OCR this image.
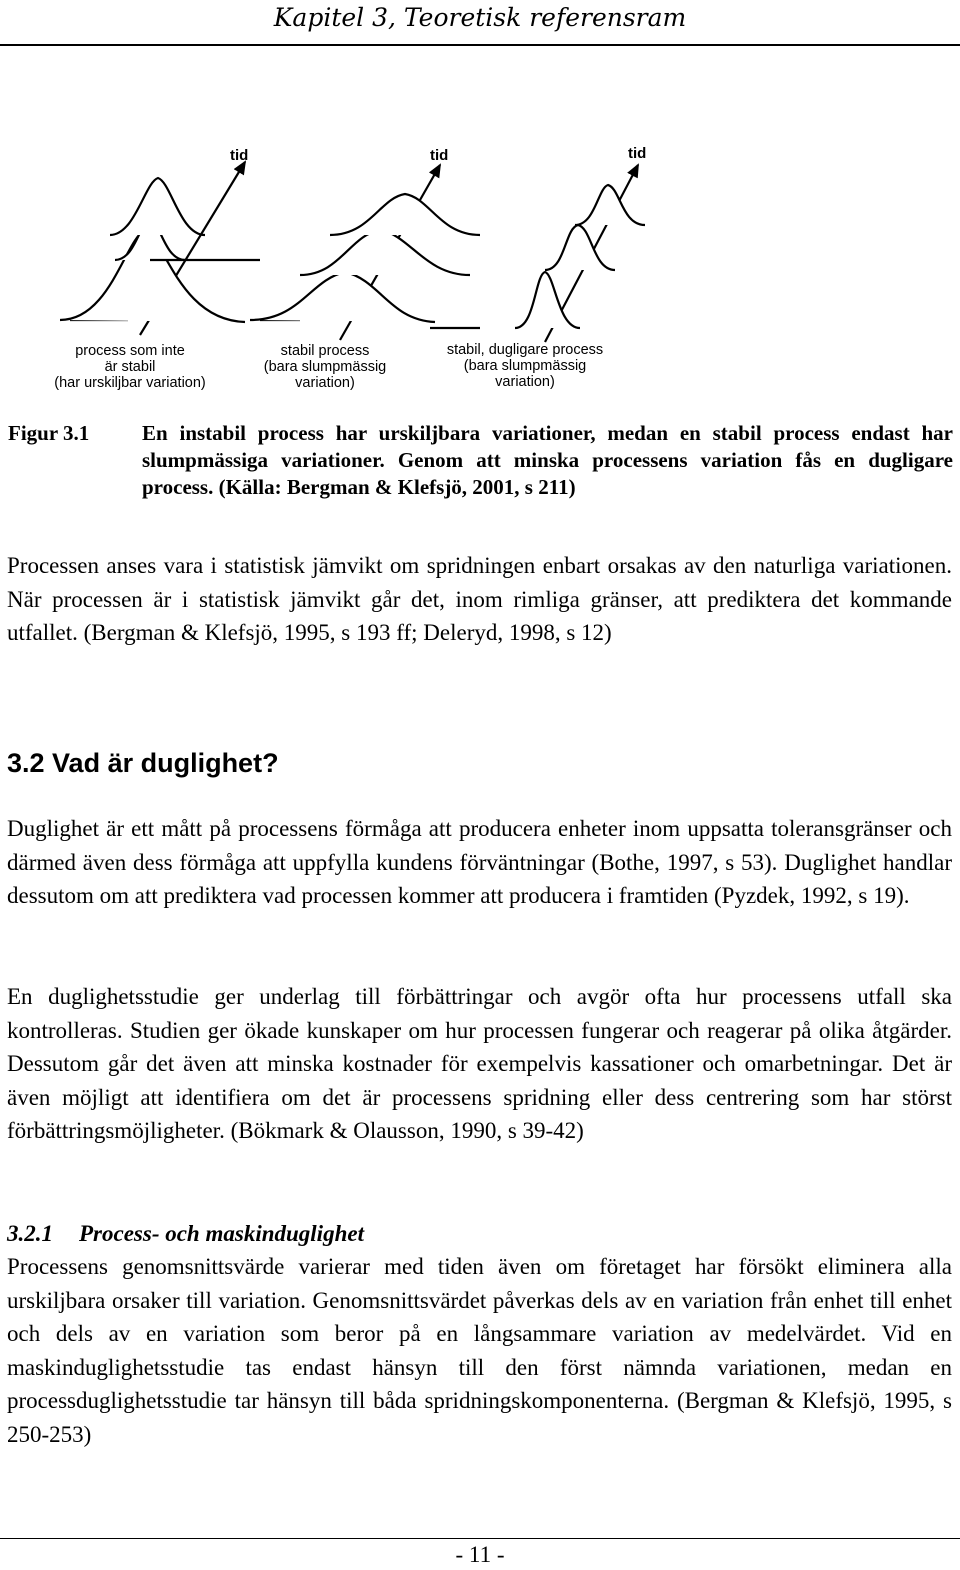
Kapitel 3, Teoretisk referensram
tid	tid	tid
process som inte
är stabil
(har urskiljbar variation)
stabil process
(bara slumpmässig
variation)
stabil, dugligare process
(bara slumpmässig
variation)
Figur 3.1	En instabil process har urskiljbara variationer, medan en stabil process endast har slumpmässiga variationer. Genom att minska processens variation fås en dugligare process. (Källa: Bergman & Klefsjö, 2001, s 211)
Processen anses vara i statistisk jämvikt om spridningen enbart orsakas av den naturliga variationen. När processen är i statistisk jämvikt går det, inom rimliga gränser, att prediktera det kommande utfallet. (Bergman & Klefsjö, 1995, s 193 ff; Deleryd, 1998, s 12)
3.2 Vad är duglighet?
Duglighet är ett mått på processens förmåga att producera enheter inom uppsatta toleransgränser och därmed även dess förmåga att uppfylla kundens förväntningar (Bothe, 1997, s 53). Duglighet handlar dessutom om att prediktera vad processen kommer att producera i framtiden (Pyzdek, 1992, s 19).
En duglighetsstudie ger underlag till förbättringar och avgör ofta hur processens utfall ska kontrolleras. Studien ger ökade kunskaper om hur processen fungerar och reagerar på olika åtgärder. Dessutom går det även att minska kostnader för exempelvis kassationer och omarbetningar. Det är även möjligt att identifiera om det är processens spridning eller dess centrering som har störst förbättringsmöjligheter. (Bökmark & Olausson, 1990, s 39-42)
3.2.1 Process- och maskinduglighet
Processens genomsnittsvärde varierar med tiden även om företaget har försökt eliminera alla urskiljbara orsaker till variation. Genomsnittsvärdet påverkas dels av en variation från enhet till enhet och dels av en variation som beror på en långsammare variation av medelvärdet. Vid en maskinduglighetsstudie tas endast hänsyn till den först nämnda variationen, medan en processduglighetsstudie tar hänsyn till båda spridningskomponenterna. (Bergman & Klefsjö, 1995, s 250-253)
- 11 -
